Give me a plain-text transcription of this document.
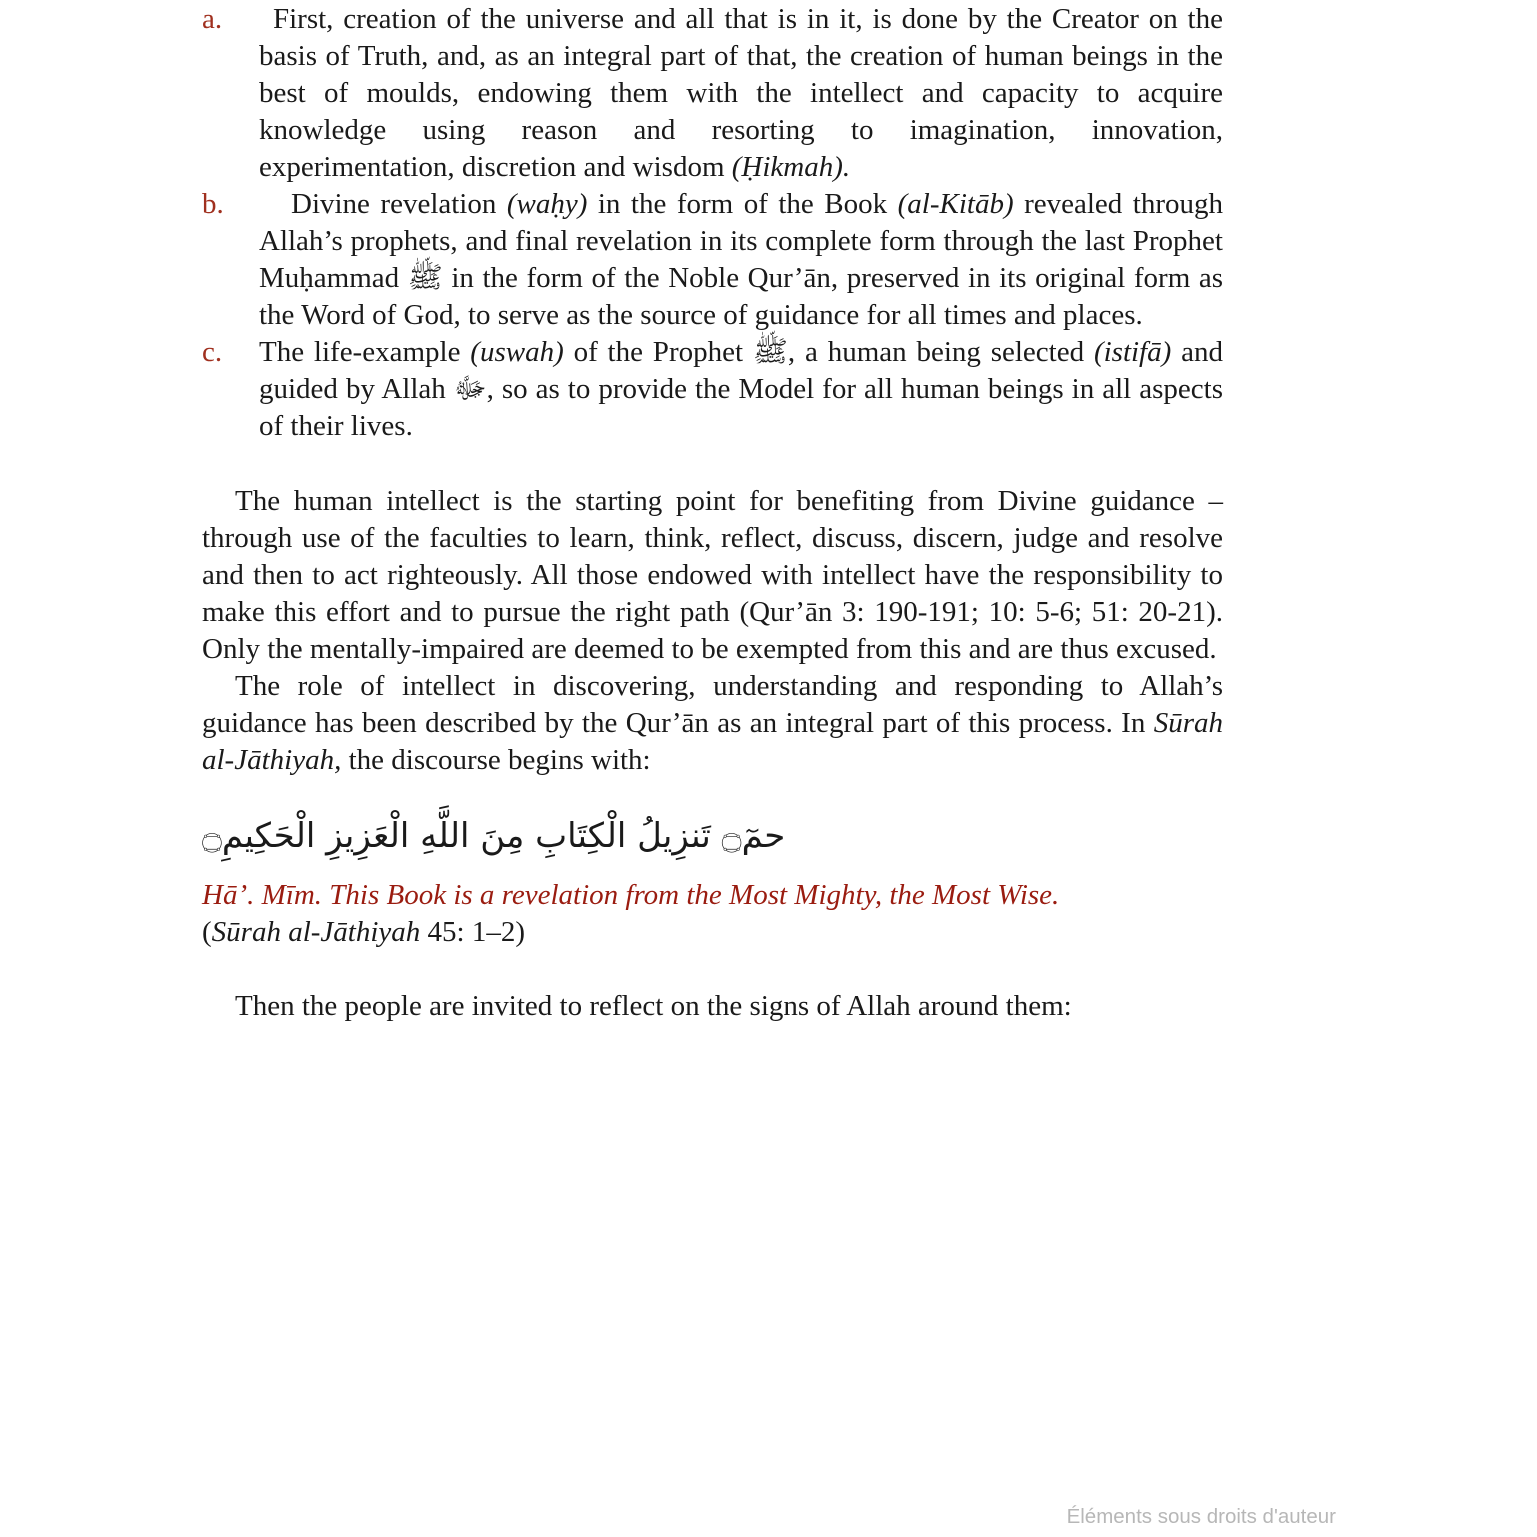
a.	First, creation of the universe and all that is in it, is done by the Creator on the basis of Truth, and, as an integral part of that, the creation of human beings in the best of moulds, endowing them with the intellect and capacity to acquire knowledge using reason and resorting to imagination, innovation, experimentation, discretion and wisdom (Ḥikmah).
b.	Divine revelation (waḥy) in the form of the Book (al-Kitāb) revealed through Allah’s prophets, and final revelation in its complete form through the last Prophet Muḥammad ﷺ in the form of the Noble Qur’ān, preserved in its original form as the Word of God, to serve as the source of guidance for all times and places.
c. The life-example (uswah) of the Prophet ﷺ, a human being selected (istifā) and guided by Allah ﷻ, so as to provide the Model for all human beings in all aspects of their lives.
The human intellect is the starting point for benefiting from Divine guidance – through use of the faculties to learn, think, reflect, discuss, discern, judge and resolve and then to act righteously. All those endowed with intellect have the responsibility to make this effort and to pursue the right path (Qur’ān 3: 190-191; 10: 5-6; 51: 20-21). Only the mentally-impaired are deemed to be exempted from this and are thus excused.
The role of intellect in discovering, understanding and responding to Allah’s guidance has been described by the Qur’ān as an integral part of this process. In Sūrah al-Jāthiyah, the discourse begins with:
حمٓ۝ تَنزِيلُ الْكِتَابِ مِنَ اللَّهِ الْعَزِيزِ الْحَكِيمِ۝
Hā’. Mīm. This Book is a revelation from the Most Mighty, the Most Wise.
(Sūrah al-Jāthiyah 45: 1–2)
Then the people are invited to reflect on the signs of Allah around them:
Éléments sous droits d'auteur
